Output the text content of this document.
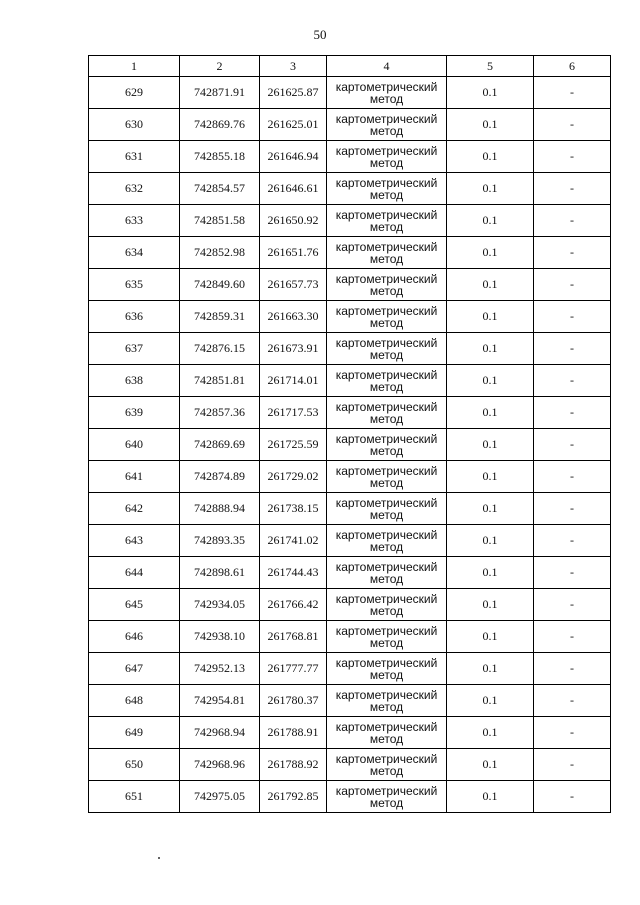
50
1	2	3	4	5	6
629	742871.91	261625.87	картометрический метод	0.1	-
630	742869.76	261625.01	картометрический метод	0.1	-
631	742855.18	261646.94	картометрический метод	0.1	-
632	742854.57	261646.61	картометрический метод	0.1	-
633	742851.58	261650.92	картометрический метод	0.1	-
634	742852.98	261651.76	картометрический метод	0.1	-
635	742849.60	261657.73	картометрический метод	0.1	-
636	742859.31	261663.30	картометрический метод	0.1	-
637	742876.15	261673.91	картометрический метод	0.1	-
638	742851.81	261714.01	картометрический метод	0.1	-
639	742857.36	261717.53	картометрический метод	0.1	-
640	742869.69	261725.59	картометрический метод	0.1	-
641	742874.89	261729.02	картометрический метод	0.1	-
642	742888.94	261738.15	картометрический метод	0.1	-
643	742893.35	261741.02	картометрический метод	0.1	-
644	742898.61	261744.43	картометрический метод	0.1	-
645	742934.05	261766.42	картометрический метод	0.1	-
646	742938.10	261768.81	картометрический метод	0.1	-
647	742952.13	261777.77	картометрический метод	0.1	-
648	742954.81	261780.37	картометрический метод	0.1	-
649	742968.94	261788.91	картометрический метод	0.1	-
650	742968.96	261788.92	картометрический метод	0.1	-
651	742975.05	261792.85	картометрический метод	0.1	-
